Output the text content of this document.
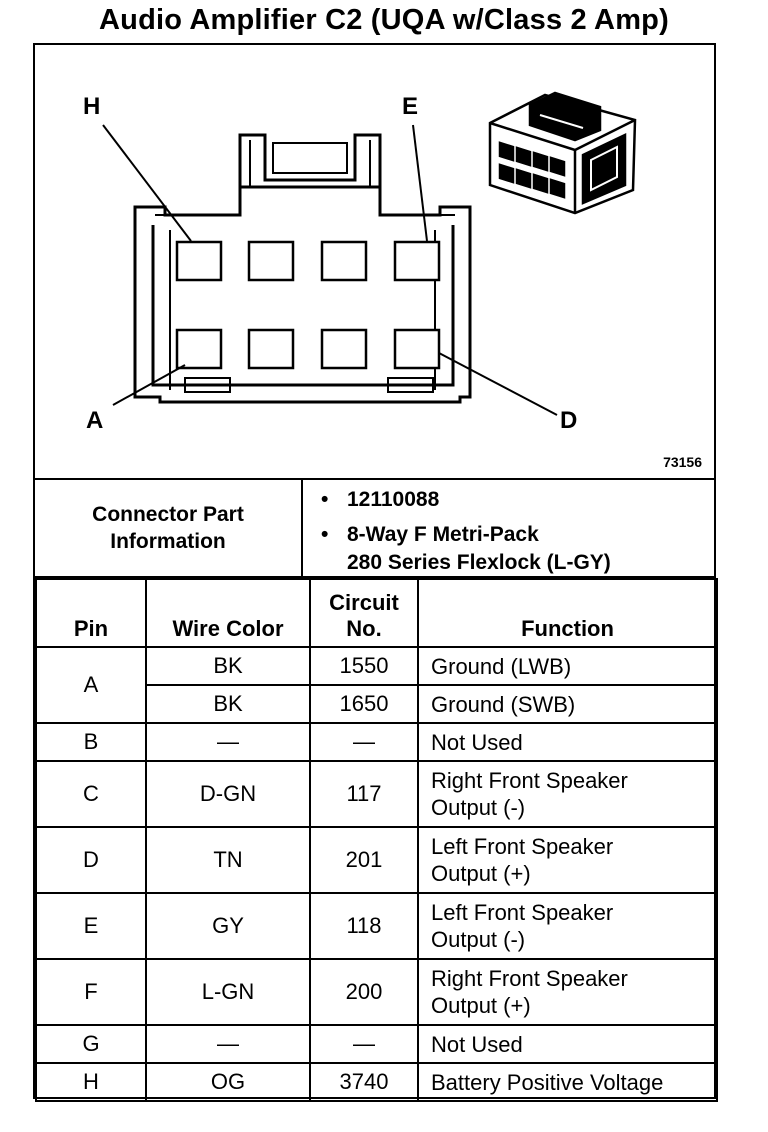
Audio Amplifier C2 (UQA w/Class 2 Amp)
H	E
A	D
73156
Connector Part
Information
• 12110088
• 8-Way F Metri-Pack
280 Series Flexlock (L-GY)
Pin	Wire Color	Circuit
No.	Function
A	BK	1550	Ground (LWB)

	BK	1650	Ground (SWB)

B	—	—	Not Used

C	D-GN	117	Right Front Speaker
Output (-)

D	TN	201	Left Front Speaker
Output (+)

E	GY	118	Left Front Speaker
Output (-)

F	L-GN	200	Right Front Speaker
Output (+)

G	—	—	Not Used

H	OG	3740	Battery Positive Voltage
